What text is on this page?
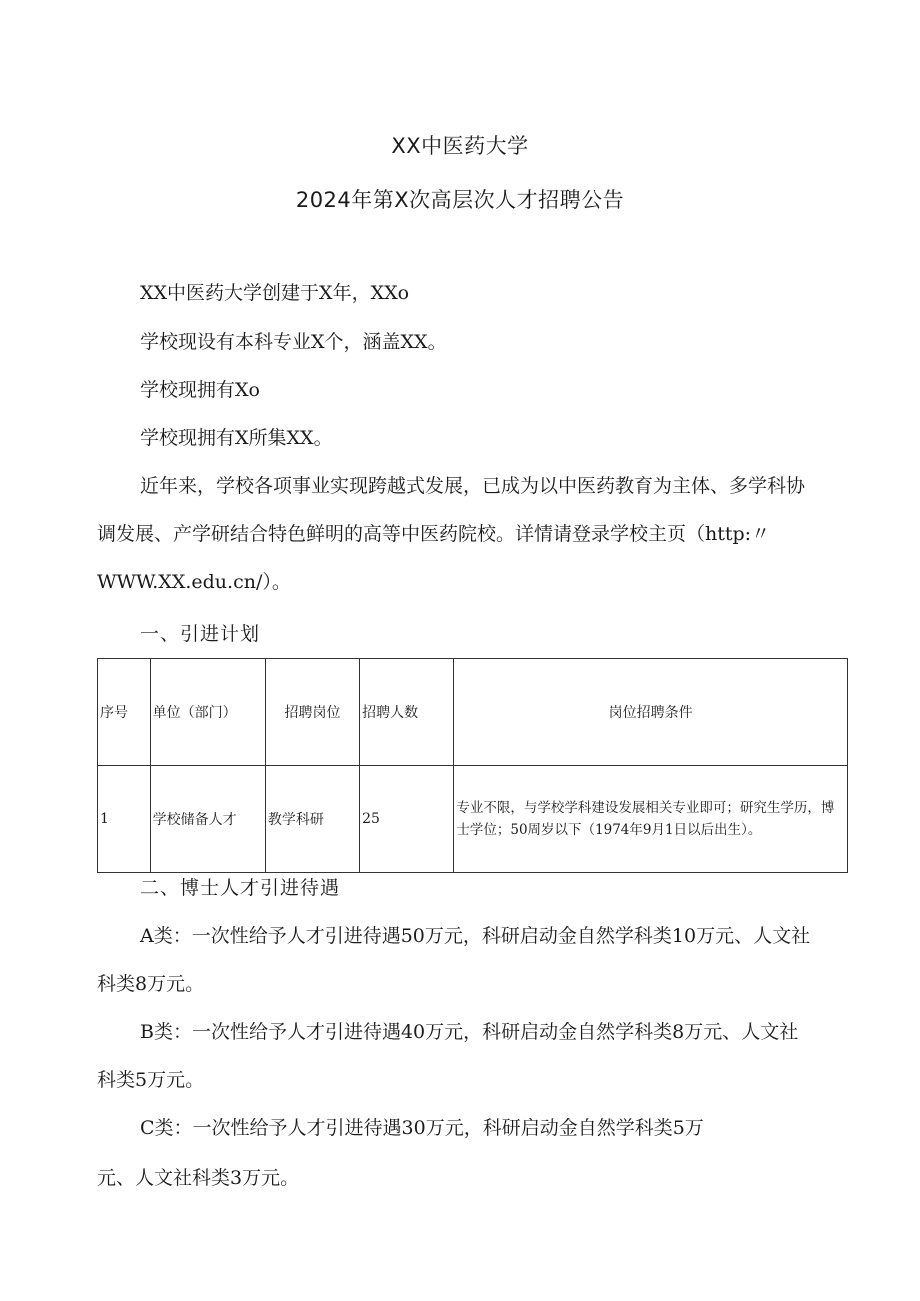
XX中医药大学
2024年第X次高层次人才招聘公告
XX中医药大学创建于X年，XXo
学校现设有本科专业X个，涵盖XX。
学校现拥有Xo
学校现拥有X所集XX。
近年来，学校各项事业实现跨越式发展，已成为以中医药教育为主体、多学科协
调发展、产学研结合特色鲜明的高等中医药院校。详情请登录学校主页（http:〃
WWW.XX.edu.cn/）。
一、引进计划
序号	单位（部门）	招聘岗位	招聘人数	岗位招聘条件
1	学校储备人才	教学科研	25	专业不限，与学校学科建设发展相关专业即可；研究生学历，博士学位；50周岁以下（1974年9月1日以后出生）。
二、博士人才引进待遇
A类：一次性给予人才引进待遇50万元，科研启动金自然学科类10万元、人文社
科类8万元。
B类：一次性给予人才引进待遇40万元，科研启动金自然学科类8万元、人文社
科类5万元。
C类：一次性给予人才引进待遇30万元，科研启动金自然学科类5万
元、人文社科类3万元。
